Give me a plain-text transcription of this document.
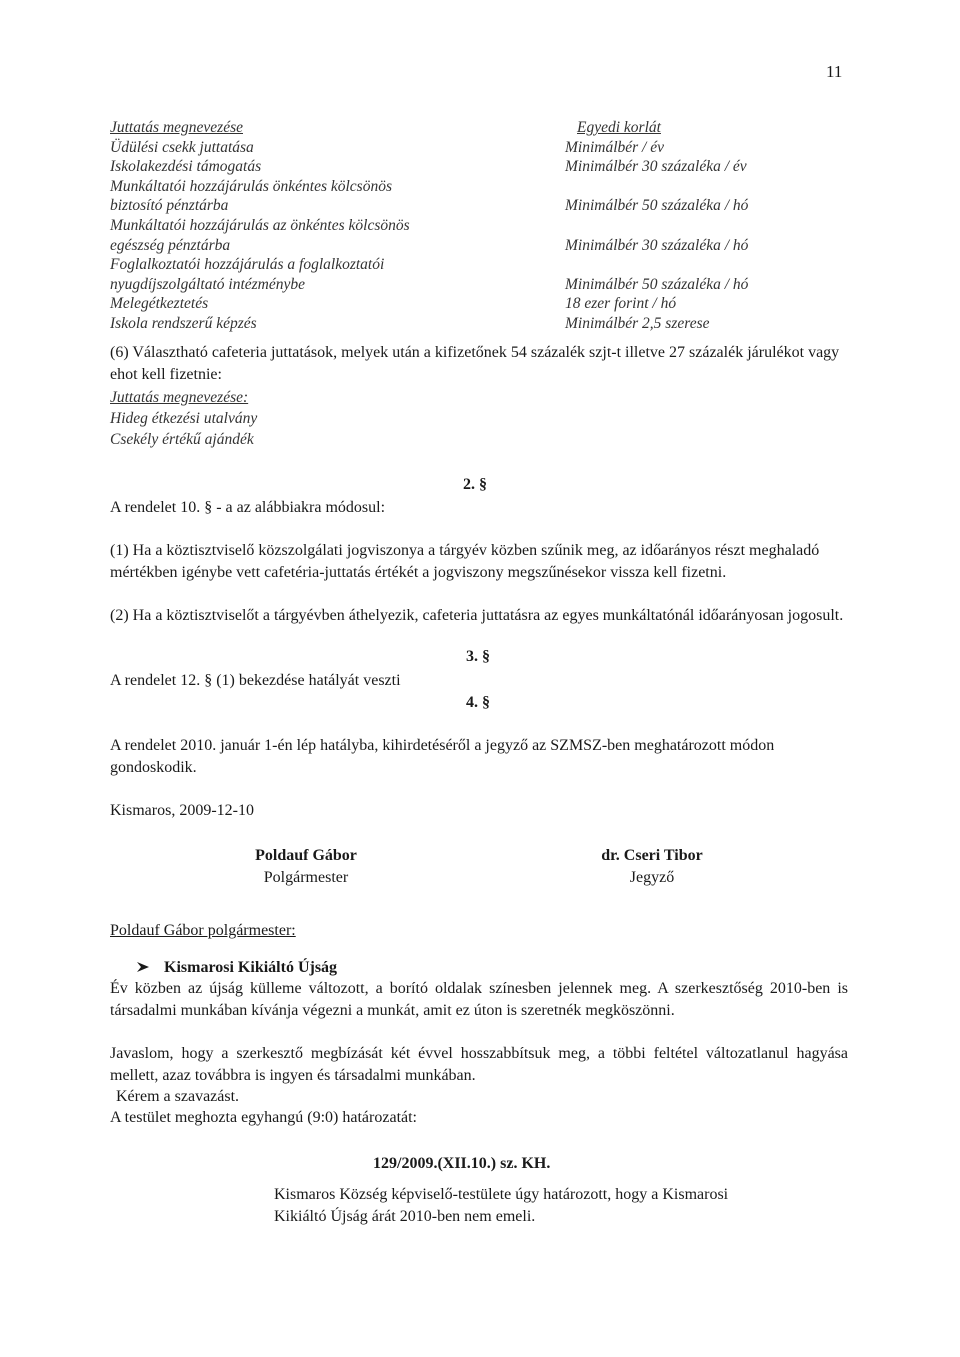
11
Juttatás megnevezése
Üdülési csekk juttatása
Iskolakezdési támogatás
Munkáltatói hozzájárulás önkéntes kölcsönös
biztosító pénztárba
Munkáltatói hozzájárulás az önkéntes kölcsönös
egészség pénztárba
Foglalkoztatói hozzájárulás a foglalkoztatói
nyugdíjszolgáltató intézménybe
Melegétkeztetés
Iskola rendszerű képzés
Egyedi korlát
Minimálbér / év
Minimálbér 30 százaléka / év
Minimálbér 50 százaléka / hó
Minimálbér 30 százaléka / hó
Minimálbér 50 százaléka / hó
18 ezer forint / hó
Minimálbér 2,5 szerese
(6) Választható cafeteria juttatások, melyek után a kifizetőnek 54 százalék szjt-t illetve 27 százalék járulékot vagy ehot kell fizetnie:
Juttatás megnevezése:
Hideg étkezési utalvány
Csekély értékű ajándék
2. §
A rendelet 10. § - a az alábbiakra módosul:
(1) Ha a köztisztviselő közszolgálati jogviszonya a tárgyév közben szűnik meg, az időarányos részt meghaladó mértékben igénybe vett cafetéria-juttatás értékét a jogviszony megszűnésekor vissza kell fizetni.
(2) Ha a köztisztviselőt a tárgyévben áthelyezik, cafeteria juttatásra az egyes munkáltatónál időarányosan jogosult.
3. §
A rendelet 12. § (1) bekezdése hatályát veszti
4. §
A rendelet 2010. január 1-én lép hatályba, kihirdetéséről a jegyző az SZMSZ-ben meghatározott módon gondoskodik.
Kismaros, 2009-12-10
Poldauf Gábor
Polgármester
dr. Cseri Tibor
Jegyző
Poldauf Gábor polgármester:
Kismarosi Kikiáltó Újság
Év közben az újság külleme változott, a borító oldalak színesben jelennek meg. A szerkesztőség 2010-ben is társadalmi munkában kívánja végezni a munkát, amit ez úton is szeretnék megköszönni.
Javaslom, hogy a szerkesztő megbízását két évvel hosszabbítsuk meg, a többi feltétel változatlanul hagyása mellett, azaz továbbra is ingyen és társadalmi munkában.
Kérem a szavazást.
A testület meghozta egyhangú (9:0) határozatát:
129/2009.(XII.10.) sz. KH.
Kismaros Község képviselő-testülete úgy határozott, hogy a Kismarosi Kikiáltó Újság árát 2010-ben nem emeli.
